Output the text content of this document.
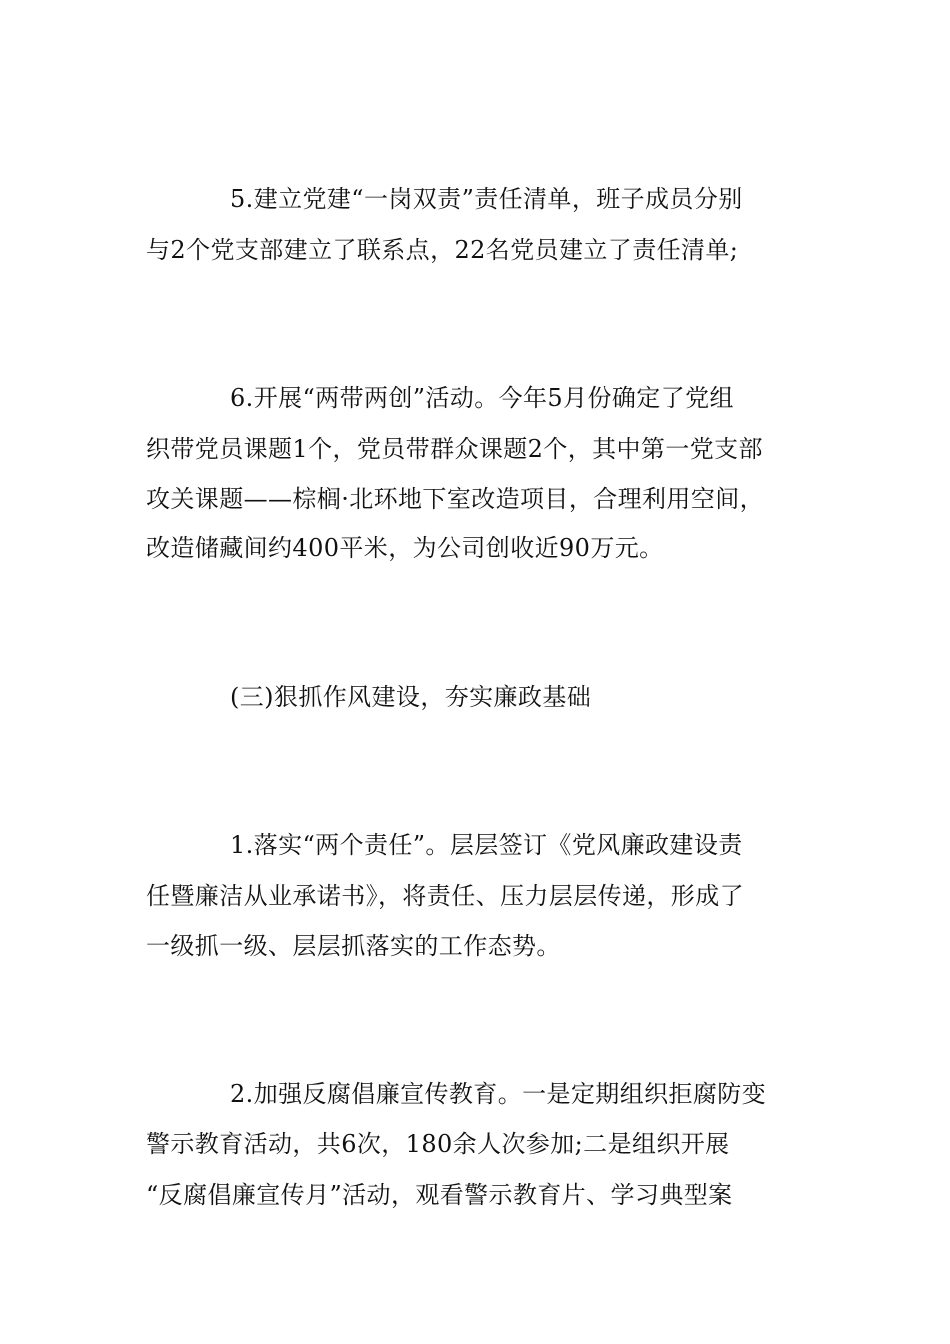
5.建立党建“一岗双责”责任清单，班子成员分别

与2个党支部建立了联系点，22名党员建立了责任清单;

6.开展“两带两创”活动。今年5月份确定了党组

织带党员课题1个，党员带群众课题2个，其中第一党支部

攻关课题——棕榈·北环地下室改造项目，合理利用空间，

改造储藏间约400平米，为公司创收近90万元。

(三)狠抓作风建设，夯实廉政基础

1.落实“两个责任”。层层签订《党风廉政建设责

任暨廉洁从业承诺书》，将责任、压力层层传递，形成了

一级抓一级、层层抓落实的工作态势。

2.加强反腐倡廉宣传教育。一是定期组织拒腐防变

警示教育活动，共6次，180余人次参加;二是组织开展

“反腐倡廉宣传月”活动，观看警示教育片、学习典型案
